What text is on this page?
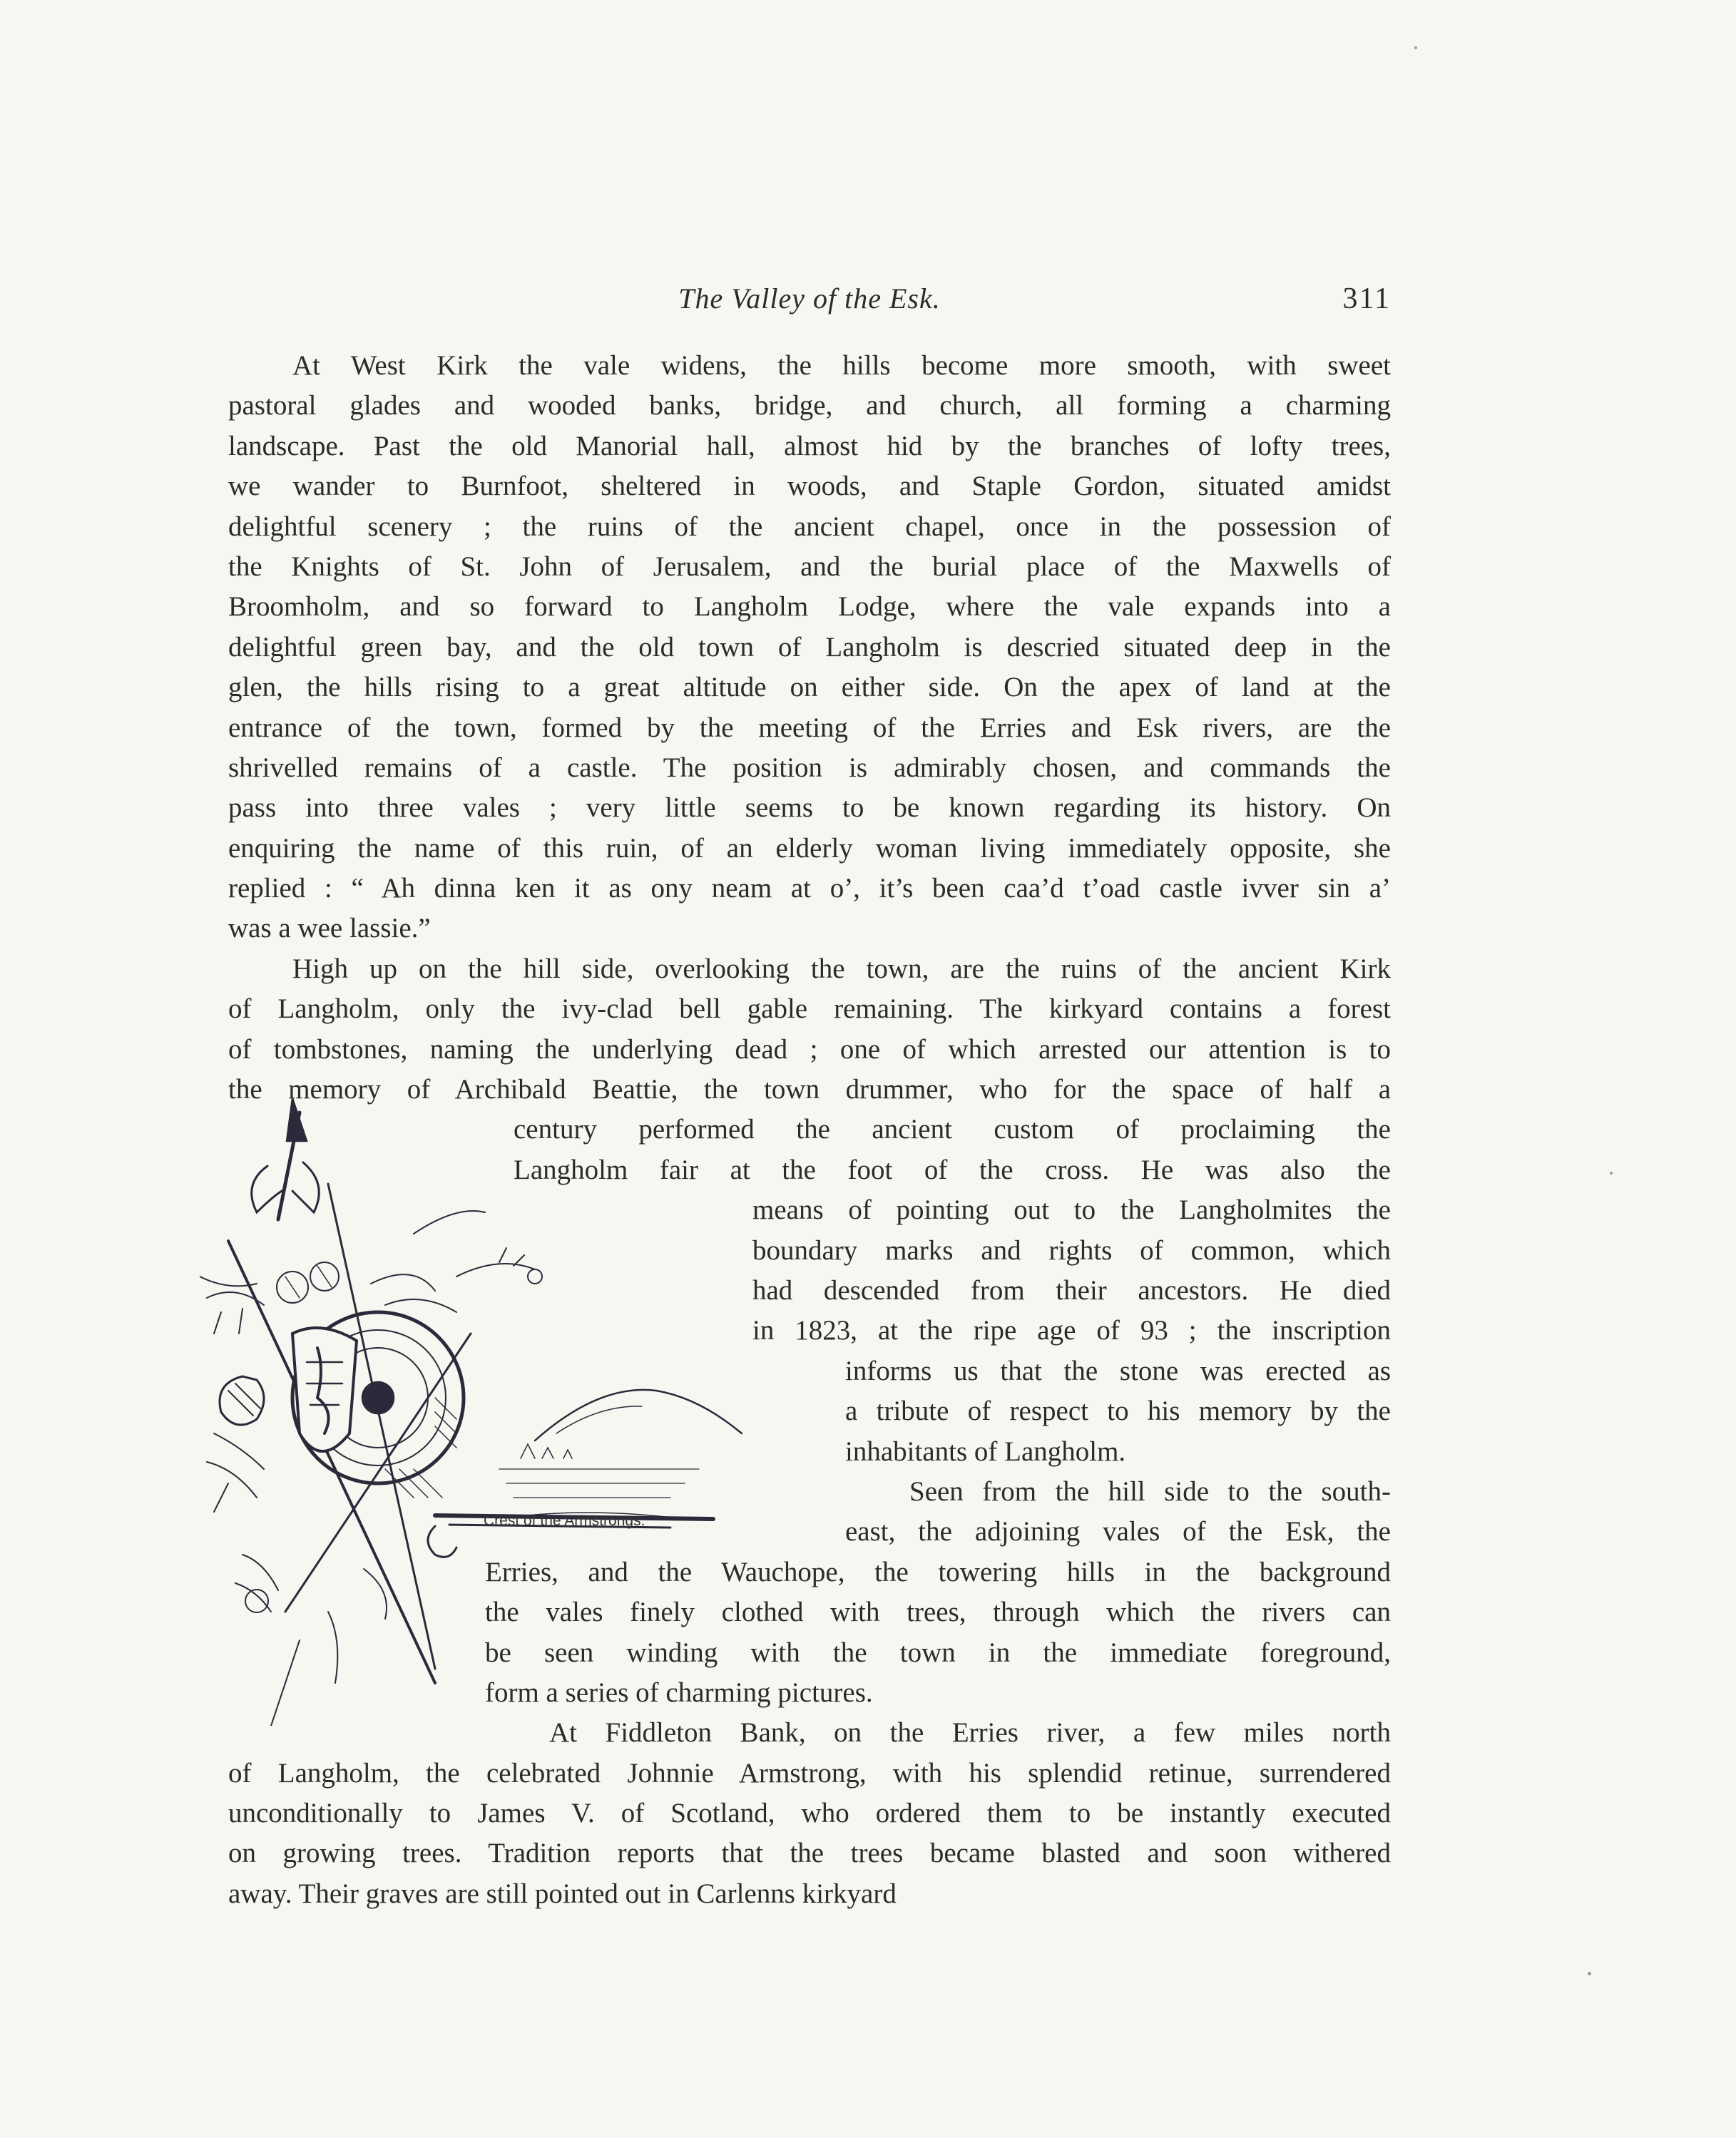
The Valley of the Esk.	311
At West Kirk the vale widens, the hills become more smooth, with sweet
pastoral glades and wooded banks, bridge, and church, all forming a charming
landscape. Past the old Manorial hall, almost hid by the branches of lofty trees,
we wander to Burnfoot, sheltered in woods, and Staple Gordon, situated amidst
delightful scenery ; the ruins of the ancient chapel, once in the possession of
the Knights of St. John of Jerusalem, and the burial place of the Maxwells of
Broomholm, and so forward to Langholm Lodge, where the vale expands into a
delightful green bay, and the old town of Langholm is descried situated deep in the
glen, the hills rising to a great altitude on either side. On the apex of land at the
entrance of the town, formed by the meeting of the Erries and Esk rivers, are the
shrivelled remains of a castle. The position is admirably chosen, and commands the
pass into three vales ; very little seems to be known regarding its history. On
enquiring the name of this ruin, of an elderly woman living immediately opposite, she
replied : “ Ah dinna ken it as ony neam at o’, it’s been caa’d t’oad castle ivver sin a’
was a wee lassie.”
High up on the hill side, overlooking the town, are the ruins of the ancient Kirk
of Langholm, only the ivy-clad bell gable remaining. The kirkyard contains a forest
of tombstones, naming the underlying dead ; one of which arrested our attention is to
the memory of Archibald Beattie, the town drummer, who for the space of half a
century performed the ancient custom of proclaiming the
Langholm fair at the foot of the cross. He was also the
means of pointing out to the Langholmites the
boundary marks and rights of common, which
had descended from their ancestors. He died
in 1823, at the ripe age of 93 ; the inscription
informs us that the stone was erected as
a tribute of respect to his memory by the
inhabitants of Langholm.
Seen from the hill side to the south-
east, the adjoining vales of the Esk, the
Erries, and the Wauchope, the towering hills in the background
the vales finely clothed with trees, through which the rivers can
be seen winding with the town in the immediate foreground,
form a series of charming pictures.
At Fiddleton Bank, on the Erries river, a few miles north
of Langholm, the celebrated Johnnie Armstrong, with his splendid retinue, surrendered
unconditionally to James V. of Scotland, who ordered them to be instantly executed
on growing trees. Tradition reports that the trees became blasted and soon withered
away. Their graves are still pointed out in Carlenns kirkyard
Crest of the Armstrongs.
